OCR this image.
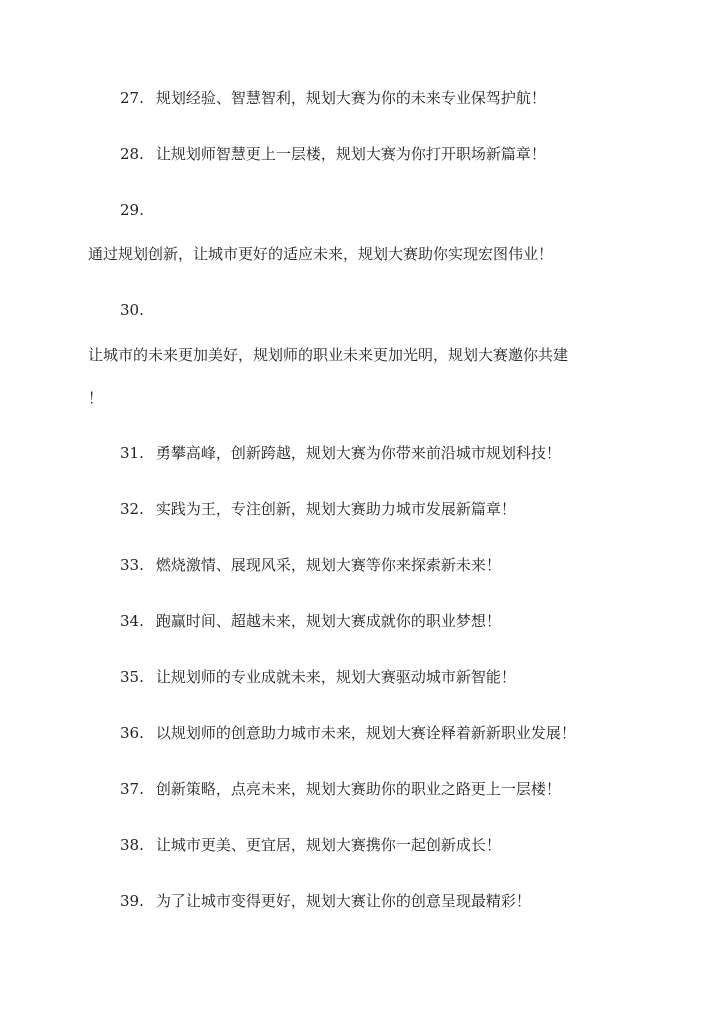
27. 规划经验、智慧智利，规划大赛为你的未来专业保驾护航！
28. 让规划师智慧更上一层楼，规划大赛为你打开职场新篇章！
29.
通过规划创新，让城市更好的适应未来，规划大赛助你实现宏图伟业！
30.
让城市的未来更加美好，规划师的职业未来更加光明，规划大赛邀你共建
！
31. 勇攀高峰，创新跨越，规划大赛为你带来前沿城市规划科技！
32. 实践为王，专注创新，规划大赛助力城市发展新篇章！
33. 燃烧激情、展现风采，规划大赛等你来探索新未来！
34. 跑赢时间、超越未来，规划大赛成就你的职业梦想！
35. 让规划师的专业成就未来，规划大赛驱动城市新智能！
36. 以规划师的创意助力城市未来，规划大赛诠释着新新职业发展！
37. 创新策略，点亮未来，规划大赛助你的职业之路更上一层楼！
38. 让城市更美、更宜居，规划大赛携你一起创新成长！
39. 为了让城市变得更好，规划大赛让你的创意呈现最精彩！
